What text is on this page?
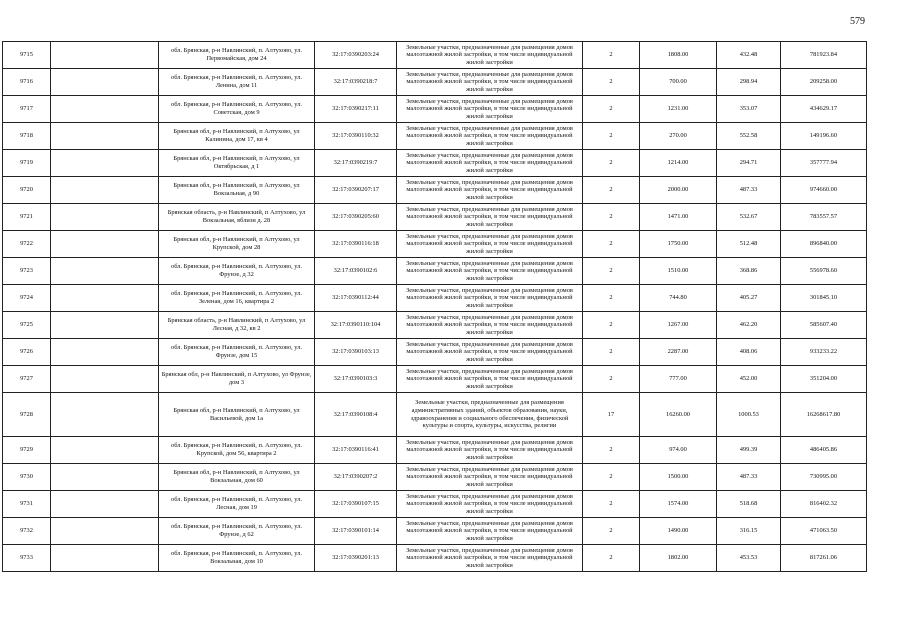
579
9715		обл. Брянская, р-н Навлинский, п. Алтухово, ул. Первомайская, дом 24	32:17:0390203:24	Земельные участки, предназначенные для размещения домов малоэтажной жилой застройки, в том числе индивидуальной жилой застройки	2	1808.00	432.48	781923.84
9716		обл. Брянская, р-н Навлинский, п. Алтухово, ул. Ленина, дом 11	32:17:0390218:7	Земельные участки, предназначенные для размещения домов малоэтажной жилой застройки, в том числе индивидуальной жилой застройки	2	700.00	298.94	209258.00
9717		обл. Брянская, р-н Навлинский, п. Алтухово, ул. Советская, дом 9	32:17:0390217:11	Земельные участки, предназначенные для размещения домов малоэтажной жилой застройки, в том числе индивидуальной жилой застройки	2	1231.00	353.07	434629.17
9718		Брянская обл, р-н Навлинский, п Алтухово, ул Калинина, дом 17, кв 4	32:17:0390110:32	Земельные участки, предназначенные для размещения домов малоэтажной жилой застройки, в том числе индивидуальной жилой застройки	2	270.00	552.58	149196.60
9719		Брянская обл, р-н Навлинский, п Алтухово, ул Октябрьская, д 1	32:17:0390219:7	Земельные участки, предназначенные для размещения домов малоэтажной жилой застройки, в том числе индивидуальной жилой застройки	2	1214.00	294.71	357777.94
9720		Брянская обл, р-н Навлинский, п Алтухово, ул Вокзальная, д 90	32:17:0390207:17	Земельные участки, предназначенные для размещения домов малоэтажной жилой застройки, в том числе индивидуальной жилой застройки	2	2000.00	487.33	974660.00
9721		Брянская область, р-н Навлинский, п Алтухово, ул Вокзальная, вблизи д. 28	32:17:0390205:60	Земельные участки, предназначенные для размещения домов малоэтажной жилой застройки, в том числе индивидуальной жилой застройки	2	1471.00	532.67	783557.57
9722		Брянская обл, р-н Навлинский, п Алтухово, ул Крупской, дом 28	32:17:0390116:18	Земельные участки, предназначенные для размещения домов малоэтажной жилой застройки, в том числе индивидуальной жилой застройки	2	1750.00	512.48	896840.00
9723		обл. Брянская, р-н Навлинский, п. Алтухово, ул. Фрунзе, д 32	32:17:0390102:6	Земельные участки, предназначенные для размещения домов малоэтажной жилой застройки, в том числе индивидуальной жилой застройки	2	1510.00	368.86	556978.60
9724		обл. Брянская, р-н Навлинский, п. Алтухово, ул. Зеленая, дом 16, квартира 2	32:17:0390112:44	Земельные участки, предназначенные для размещения домов малоэтажной жилой застройки, в том числе индивидуальной жилой застройки	2	744.80	405.27	301845.10
9725		Брянская область, р-н Навлинский, п Алтухово, ул Лесная, д 32, кв 2	32:17:0390110:104	Земельные участки, предназначенные для размещения домов малоэтажной жилой застройки, в том числе индивидуальной жилой застройки	2	1267.00	462.20	585607.40
9726		обл. Брянская, р-н Навлинский, п. Алтухово, ул. Фрунзе, дом 15	32:17:0390103:13	Земельные участки, предназначенные для размещения домов малоэтажной жилой застройки, в том числе индивидуальной жилой застройки	2	2287.00	408.06	933233.22
9727		Брянская обл, р-н Навлинский, п Алтухово, ул Фрунзе, дом 3	32:17:0390103:3	Земельные участки, предназначенные для размещения домов малоэтажной жилой застройки, в том числе индивидуальной жилой застройки	2	777.00	452.00	351204.00
9728		Брянская обл, р-н Навлинский, п Алтухово, ул Васильевой, дом 1а	32:17:0390108:4	Земельные участки, предназначенные для размещения административных зданий, объектов образования, науки, здравоохранения и социального обеспечения, физической культуры и спорта, культуры, искусства, религии	17	16260.00	1000.53	16268617.80
9729		обл. Брянская, р-н Навлинский, п. Алтухово, ул. Крупской, дом 56, квартира 2	32:17:0390116:41	Земельные участки, предназначенные для размещения домов малоэтажной жилой застройки, в том числе индивидуальной жилой застройки	2	974.00	499.39	486405.86
9730		Брянская обл, р-н Навлинский, п Алтухово, ул Вокзальная, дом 60	32:17:0390207:2	Земельные участки, предназначенные для размещения домов малоэтажной жилой застройки, в том числе индивидуальной жилой застройки	2	1500.00	487.33	730995.00
9731		обл. Брянская, р-н Навлинский, п. Алтухово, ул. Лесная, дом 19	32:17:0390107:15	Земельные участки, предназначенные для размещения домов малоэтажной жилой застройки, в том числе индивидуальной жилой застройки	2	1574.00	518.68	816402.32
9732		обл. Брянская, р-н Навлинский, п. Алтухово, ул. Фрунзе, д 62	32:17:0390101:14	Земельные участки, предназначенные для размещения домов малоэтажной жилой застройки, в том числе индивидуальной жилой застройки	2	1490.00	316.15	471063.50
9733		обл. Брянская, р-н Навлинский, п. Алтухово, ул. Вокзальная, дом 10	32:17:0390201:13	Земельные участки, предназначенные для размещения домов малоэтажной жилой застройки, в том числе индивидуальной жилой застройки	2	1802.00	453.53	817261.06
